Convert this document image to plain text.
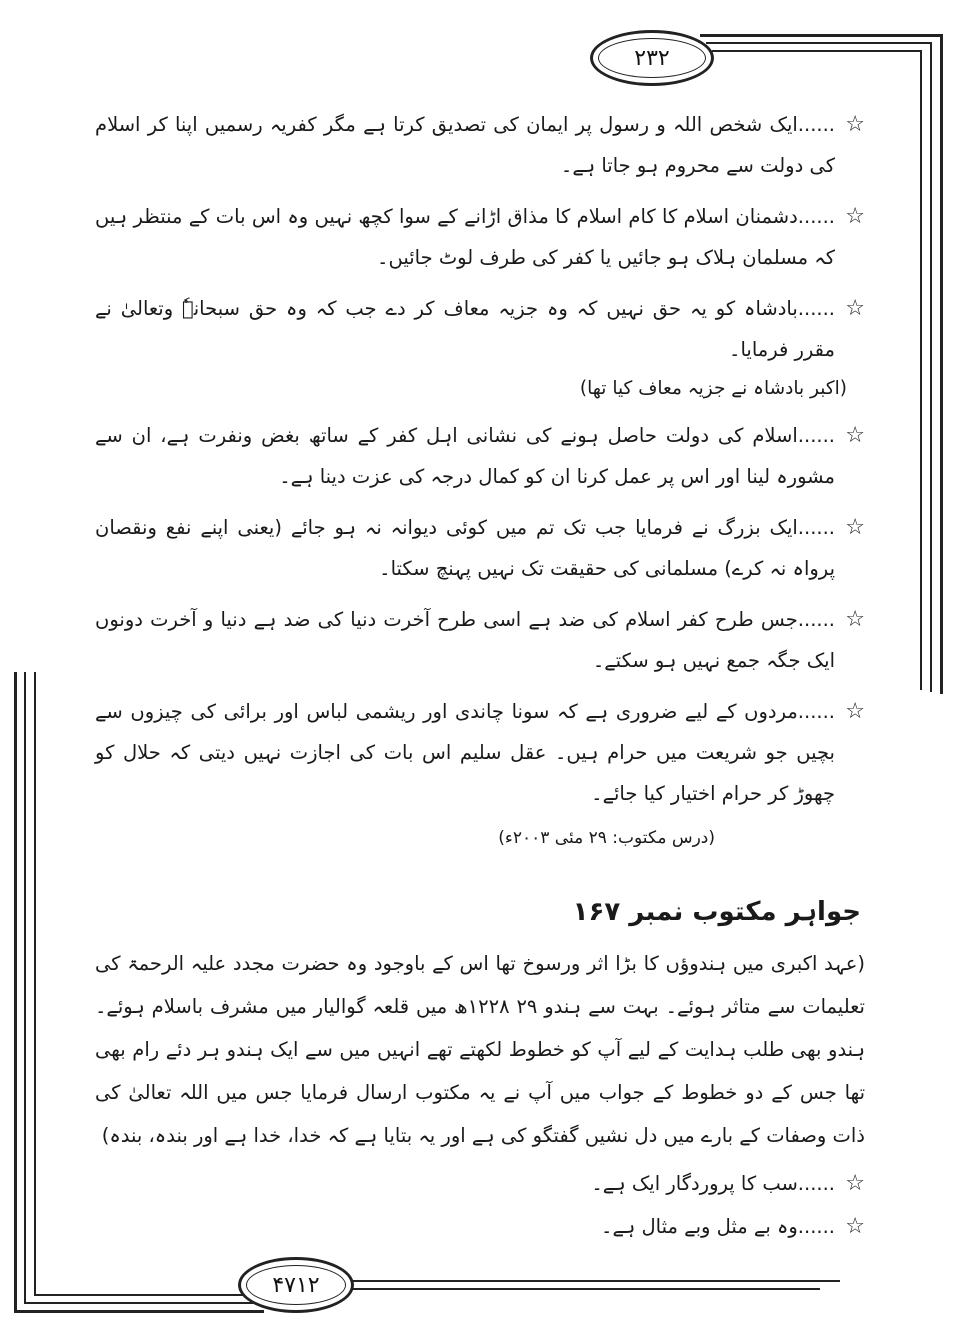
۲۳۲
۴۷۱۲

☆
......ایک شخص اللہ و رسول پر ایمان کی تصدیق کرتا ہے مگر کفریہ رسمیں اپنا کر اسلام کی دولت سے محروم ہو جاتا ہے۔

☆
......دشمنان اسلام کا کام اسلام کا مذاق اڑانے کے سوا کچھ نہیں وہ اس بات کے منتظر ہیں کہ مسلمان ہلاک ہو جائیں یا کفر کی طرف لوٹ جائیں۔

☆
......بادشاہ کو یہ حق نہیں کہ وہ جزیہ معاف کر دے جب کہ وہ حق سبحانہٗ وتعالیٰ نے مقرر فرمایا۔

(اکبر بادشاہ نے جزیہ معاف کیا تھا)

☆
......اسلام کی دولت حاصل ہونے کی نشانی اہل کفر کے ساتھ بغض ونفرت ہے، ان سے مشورہ لینا اور اس پر عمل کرنا ان کو کمال درجہ کی عزت دینا ہے۔

☆
......ایک بزرگ نے فرمایا جب تک تم میں کوئی دیوانہ نہ ہو جائے (یعنی اپنے نفع ونقصان پرواہ نہ کرے) مسلمانی کی حقیقت تک نہیں پہنچ سکتا۔

☆
......جس طرح کفر اسلام کی ضد ہے اسی طرح آخرت دنیا کی ضد ہے دنیا و آخرت دونوں ایک جگہ جمع نہیں ہو سکتے۔

☆
......مردوں کے لیے ضروری ہے کہ سونا چاندی اور ریشمی لباس اور برائی کی چیزوں سے بچیں جو شریعت میں حرام ہیں۔ عقل سلیم اس بات کی اجازت نہیں دیتی کہ حلال کو چھوڑ کر حرام اختیار کیا جائے۔

(درس مکتوب: ۲۹ مئی ۲۰۰۳ء)

جواہر مکتوب نمبر ۱۶۷

(عہد اکبری میں ہندوؤں کا بڑا اثر ورسوخ تھا اس کے باوجود وہ حضرت مجدد علیہ الرحمۃ کی تعلیمات سے متاثر ہوئے۔ بہت سے ہندو ۲۹ ۱۲۲۸ھ میں قلعہ گوالیار میں مشرف باسلام ہوئے۔ ہندو بھی طلب ہدایت کے لیے آپ کو خطوط لکھتے تھے انہیں میں سے ایک ہندو ہر دئے رام بھی تھا جس کے دو خطوط کے جواب میں آپ نے یہ مکتوب ارسال فرمایا جس میں اللہ تعالیٰ کی ذات وصفات کے بارے میں دل نشیں گفتگو کی ہے اور یہ بتایا ہے کہ خدا، خدا ہے اور بندہ، بندہ)

☆
......سب کا پروردگار ایک ہے۔

☆
......وہ بے مثل وبے مثال ہے۔
